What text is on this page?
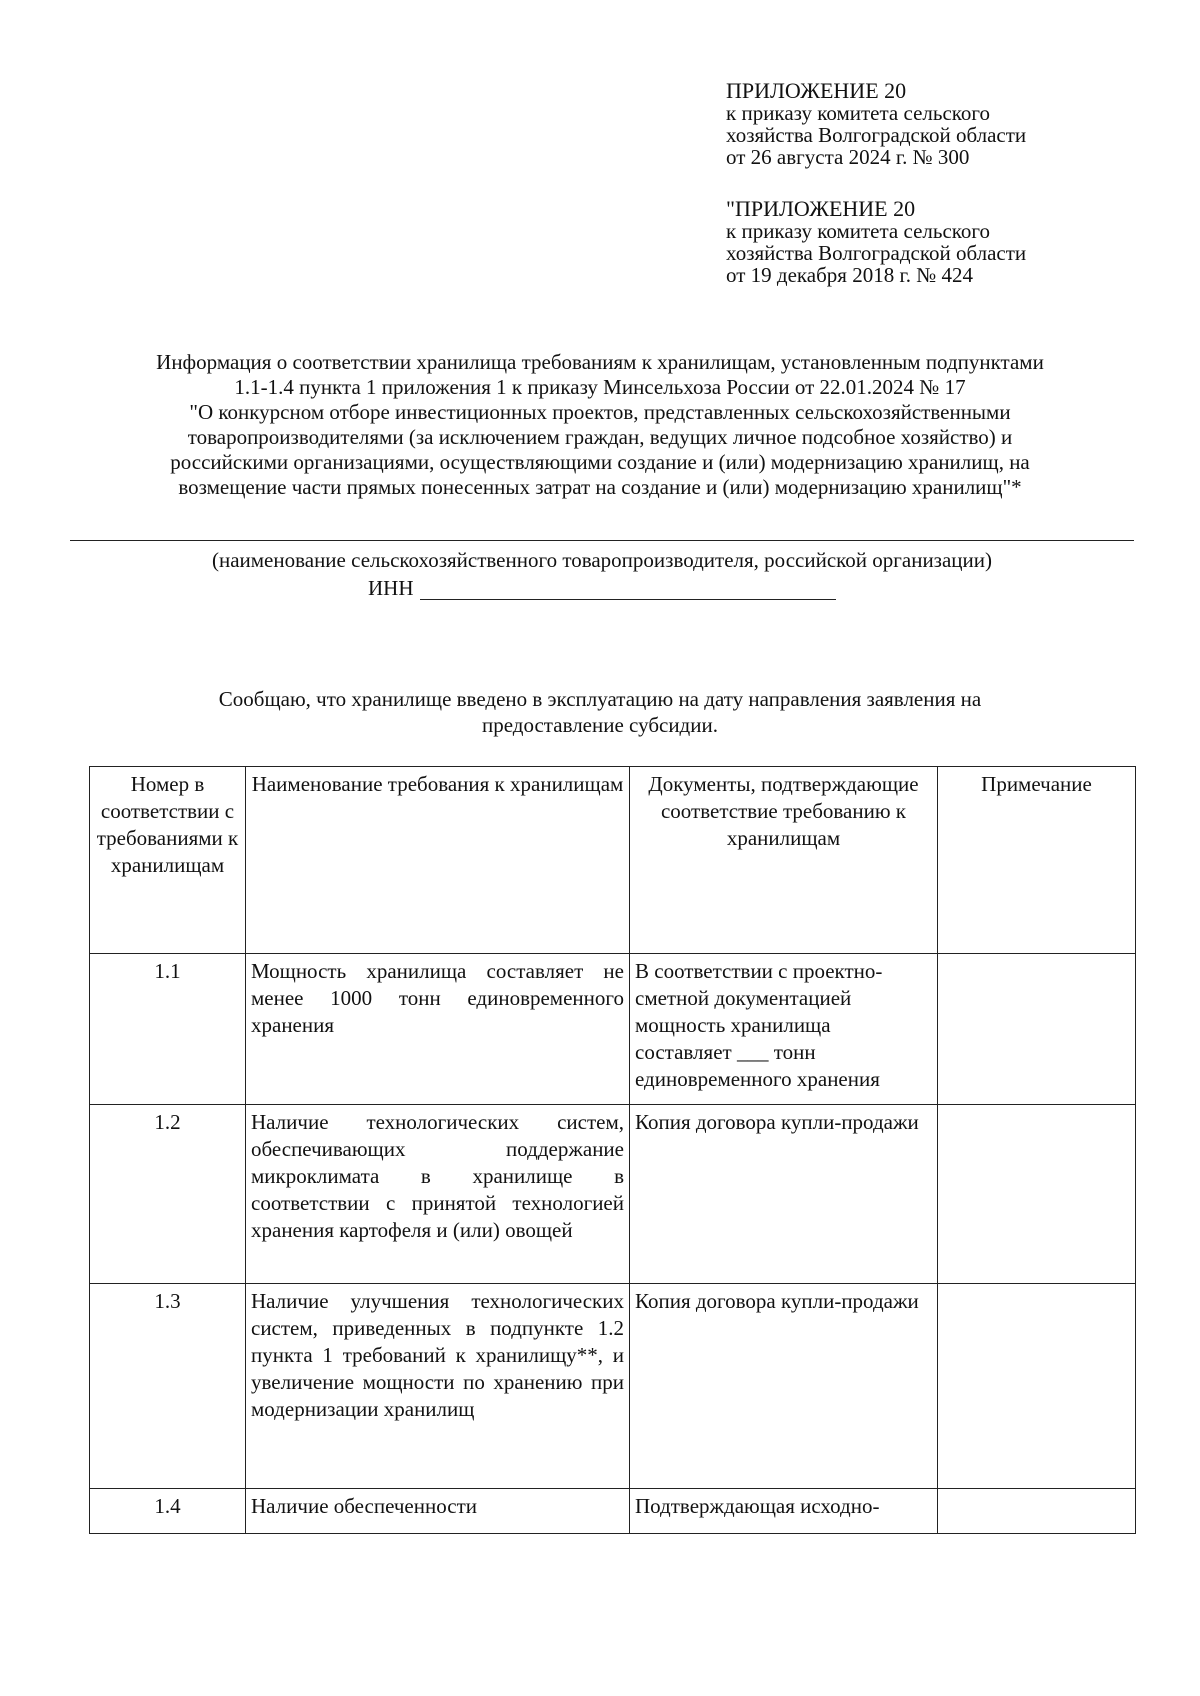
ПРИЛОЖЕНИЕ 20
к приказу комитета сельского
хозяйства Волгоградской области
от 26 августа 2024 г. № 300
"ПРИЛОЖЕНИЕ 20
к приказу комитета сельского
хозяйства Волгоградской области
от 19 декабря 2018 г. № 424
Информация о соответствии хранилища требованиям к хранилищам, установленным подпунктами
1.1-1.4 пункта 1 приложения 1 к приказу Минсельхоза России от 22.01.2024 № 17
"О конкурсном отборе инвестиционных проектов, представленных сельскохозяйственными
товаропроизводителями (за исключением граждан, ведущих личное подсобное хозяйство) и
российскими организациями, осуществляющими создание и (или) модернизацию хранилищ, на
возмещение части прямых понесенных затрат на создание и (или) модернизацию хранилищ"*
(наименование сельскохозяйственного товаропроизводителя, российской организации)
ИНН
Сообщаю, что хранилище введено в эксплуатацию на дату направления заявления на
предоставление субсидии.
Номер в соответствии с требованиями к хранилищам	Наименование требования к хранилищам	Документы, подтверждающие соответствие требованию к хранилищам	Примечание
1.1	Мощность хранилища составляет не менее 1000 тонн единовременного хранения	В соответствии с проектно-сметной документацией мощность хранилища составляет ___ тонн единовременного хранения	
1.2	Наличие технологических систем, обеспечивающих поддержание микроклимата в хранилище в соответствии с принятой технологией хранения картофеля и (или) овощей	Копия договора купли-продажи	
1.3	Наличие улучшения технологических систем, приведенных в подпункте 1.2 пункта 1 требований к хранилищу**, и увеличение мощности по хранению при модернизации хранилищ	Копия договора купли-продажи	
1.4	Наличие обеспеченности	Подтверждающая исходно-	
